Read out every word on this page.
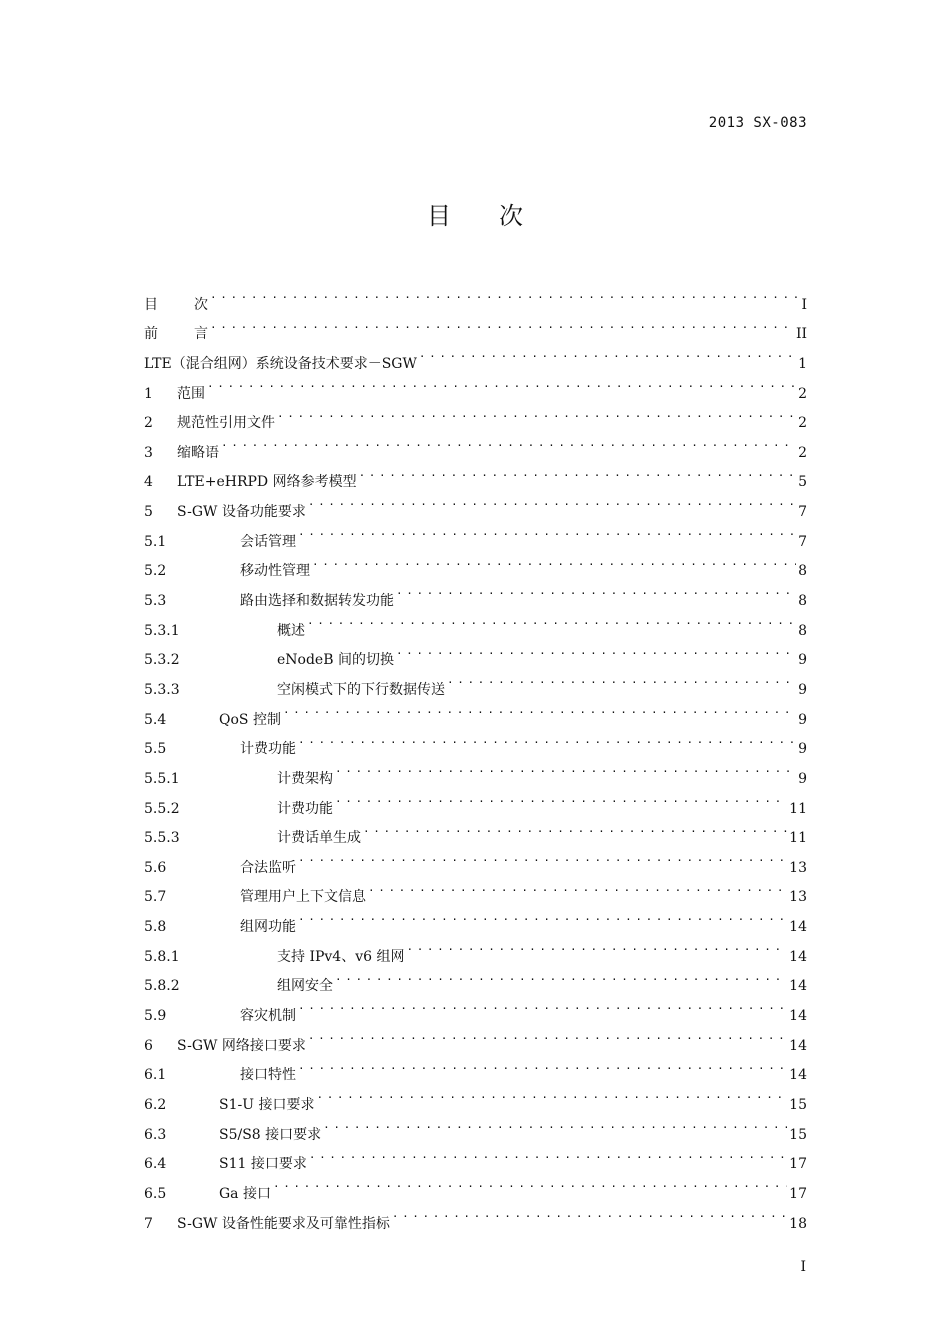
2013 SX-083
目 次
目	次 .....	I
前	言 .....	II
LTE（混合组网）系统设备技术要求－SGW .....	1
1	范围 .....	2
2	规范性引用文件 .....	2
3	缩略语 .....	2
4	LTE+eHRPD 网络参考模型 .....	5
5	S-GW 设备功能要求 .....	7
5.1	会话管理 .....	7
5.2	移动性管理 .....	8
5.3	路由选择和数据转发功能 .....	8
5.3.1	概述 .....	8
5.3.2	eNodeB 间的切换 .....	9
5.3.3	空闲模式下的下行数据传送 .....	9
5.4	QoS 控制 .....	9
5.5	计费功能 .....	9
5.5.1	计费架构 .....	9
5.5.2	计费功能 .....	11
5.5.3	计费话单生成 .....	11
5.6	合法监听 .....	13
5.7	管理用户上下文信息 .....	13
5.8	组网功能 .....	14
5.8.1	支持 IPv4、v6 组网 .....	14
5.8.2	组网安全 .....	14
5.9	容灾机制 .....	14
6	S-GW 网络接口要求 .....	14
6.1	接口特性 .....	14
6.2	S1-U 接口要求 .....	15
6.3	S5/S8 接口要求 .....	15
6.4	S11 接口要求 .....	17
6.5	Ga 接口 .....	17
7	S-GW 设备性能要求及可靠性指标 .....	18
I
